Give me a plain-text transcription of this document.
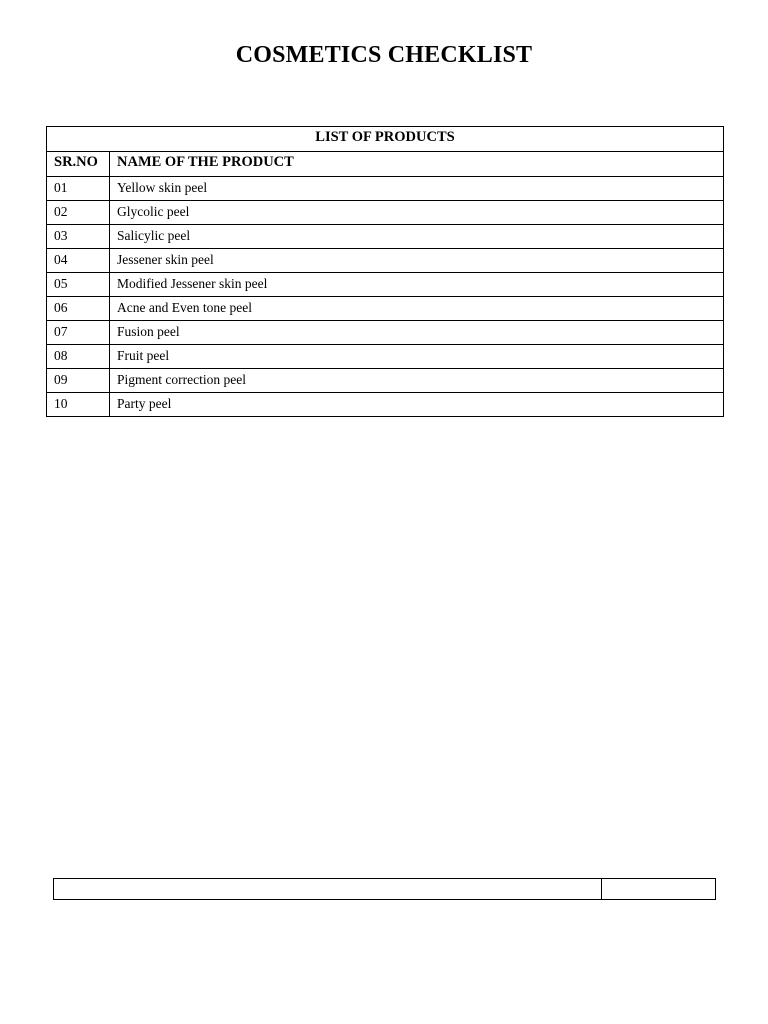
COSMETICS CHECKLIST
LIST OF PRODUCTS	
SR.NO	NAME OF THE PRODUCT
01	Yellow skin peel
02	Glycolic peel
03	Salicylic peel
04	Jessener skin peel
05	Modified Jessener skin peel
06	Acne and Even tone peel
07	Fusion peel
08	Fruit peel
09	Pigment correction peel
10	Party peel
